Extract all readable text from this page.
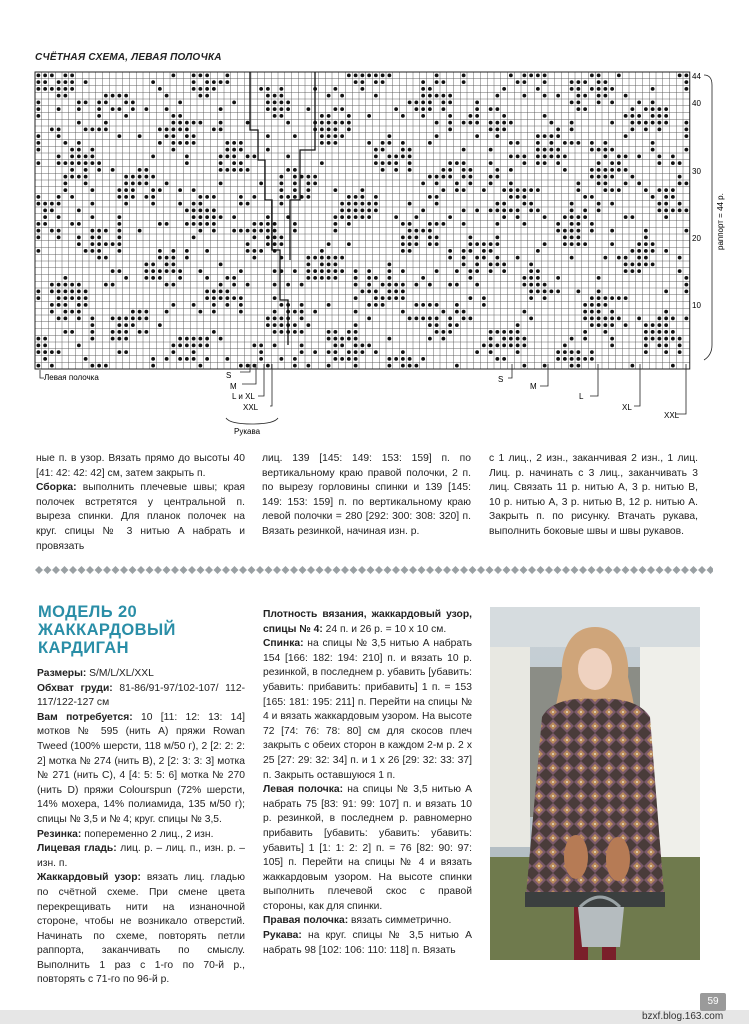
СЧЁТНАЯ СХЕМА, ЛЕВАЯ ПОЛОЧКА
44
40
30
20
10
раппорт = 44 р.
Левая полочка
Рукава
S
M
L и XL
XXL
S
M
L
XL
XXL

ные п. в узор. Вязать прямо до высоты 40 [41: 42: 42: 42] см, затем закрыть п.

Сборка: выполнить плечевые швы; края полочек встретятся у центральной п. выреза спинки. Для планок полочек на круг. спицы № 3 нитью А набрать и провязать

лиц. 139 [145: 149: 153: 159] п. по вертикальному краю правой полочки, 2 п. по вырезу горловины спинки и 139 [145: 149: 153: 159] п. по вертикальному краю левой полочки = 280 [292: 300: 308: 320] п. Вязать резинкой, начиная изн. р.

с 1 лиц., 2 изн., заканчивая 2 изн., 1 лиц. Лиц. р. начинать с 3 лиц., заканчивать 3 лиц. Связать 11 р. нитью А, 3 р. нитью В, 10 р. нитью А, 3 р. нитью В, 12 р. нитью А. Закрыть п. по рисунку. Втачать рукава, выполнить боковые швы и швы рукавов.

МОДЕЛЬ 20
ЖАККАРДОВЫЙ
КАРДИГАН

Размеры: S/M/L/XL/XXL

Обхват груди: 81-86/91-97/102-107/ 112-117/122-127 см

Вам потребуется: 10 [11: 12: 13: 14] мотков № 595 (нить А) пряжи Rowan Tweed (100% шерсти, 118 м/50 г), 2 [2: 2: 2: 2] мотка № 274 (нить В), 2 [2: 3: 3: 3] мотка № 271 (нить С), 4 [4: 5: 5: 6] мотка № 270 (нить D) пряжи Colourspun (72% шерсти, 14% мохера, 14% полиамида, 135 м/50 г); спицы № 3,5 и № 4; круг. спицы № 3,5.

Резинка: попеременно 2 лиц., 2 изн.

Лицевая гладь: лиц. р. – лиц. п., изн. р. – изн. п.

Жаккардовый узор: вязать лиц. гладью по счётной схеме. При смене цвета перекрещивать нити на изнаночной стороне, чтобы не возникало отверстий. Начинать по схеме, повторять петли раппорта, заканчивать по смыслу. Выполнить 1 раз с 1-го по 70-й р., повторять с 71-го по 96-й р.

Плотность вязания, жаккардовый узор, спицы № 4: 24 п. и 26 р. = 10 х 10 см.

Спинка: на спицы № 3,5 нитью А набрать 154 [166: 182: 194: 210] п. и вязать 10 р. резинкой, в последнем р. убавить [убавить: убавить: прибавить: прибавить] 1 п. = 153 [165: 181: 195: 211] п. Перейти на спицы № 4 и вязать жаккардовым узором. На высоте 72 [74: 76: 78: 80] см для скосов плеч закрыть с обеих сторон в каждом 2-м р. 2 х 25 [27: 29: 32: 34] п. и 1 х 26 [29: 32: 33: 37] п. Закрыть оставшуюся 1 п.

Левая полочка: на спицы № 3,5 нитью А набрать 75 [83: 91: 99: 107] п. и вязать 10 р. резинкой, в последнем р. равномерно прибавить [убавить: убавить: убавить: убавить] 1 [1: 1: 2: 2] п. = 76 [82: 90: 97: 105] п. Перейти на спицы № 4 и вязать жаккардовым узором. На высоте спинки выполнить плечевой скос с правой стороны, как для спинки.

Правая полочка: вязать симметрично.

Рукава: на круг. спицы № 3,5 нитью А набрать 98 [102: 106: 110: 118] п. Вязать

59
bzxf.blog.163.com
